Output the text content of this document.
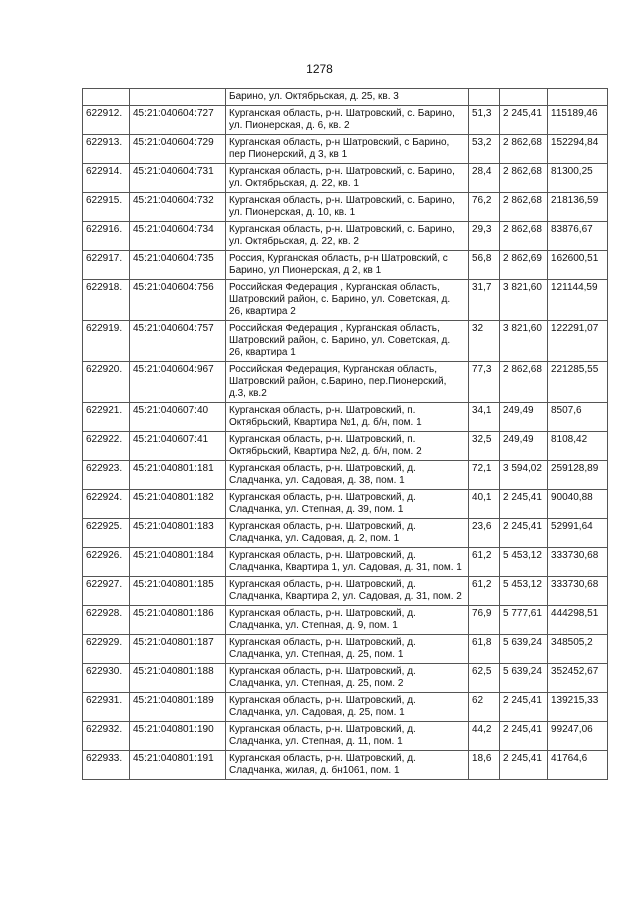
1278
		Барино, ул. Октябрьская, д. 25, кв. 3			
622912.	45:21:040604:727	Курганская область, р-н. Шатровский, с. Барино, ул. Пионерская, д. 6, кв. 2	51,3	2 245,41	115189,46
622913.	45:21:040604:729	Курганская область, р-н Шатровский, с Барино, пер Пионерский, д 3, кв 1	53,2	2 862,68	152294,84
622914.	45:21:040604:731	Курганская область, р-н. Шатровский, с. Барино, ул. Октябрьская, д. 22, кв. 1	28,4	2 862,68	81300,25
622915.	45:21:040604:732	Курганская область, р-н. Шатровский, с. Барино, ул. Пионерская, д. 10, кв. 1	76,2	2 862,68	218136,59
622916.	45:21:040604:734	Курганская область, р-н. Шатровский, с. Барино, ул. Октябрьская, д. 22, кв. 2	29,3	2 862,68	83876,67
622917.	45:21:040604:735	Россия, Курганская область, р-н Шатровский, с Барино, ул Пионерская, д 2, кв 1	56,8	2 862,69	162600,51
622918.	45:21:040604:756	Российская Федерация , Курганская область, Шатровский район, с. Барино, ул. Советская, д. 26, квартира 2	31,7	3 821,60	121144,59
622919.	45:21:040604:757	Российская Федерация , Курганская область, Шатровский район, с. Барино, ул. Советская, д. 26, квартира 1	32	3 821,60	122291,07
622920.	45:21:040604:967	Российская Федерация, Курганская область, Шатровский район, с.Барино, пер.Пионерский, д.3, кв.2	77,3	2 862,68	221285,55
622921.	45:21:040607:40	Курганская область, р-н. Шатровский, п. Октябрьский, Квартира №1, д. б/н, пом. 1	34,1	249,49	8507,6
622922.	45:21:040607:41	Курганская область, р-н. Шатровский, п. Октябрьский, Квартира №2, д. б/н, пом. 2	32,5	249,49	8108,42
622923.	45:21:040801:181	Курганская область, р-н. Шатровский, д. Сладчанка, ул. Садовая, д. 38, пом. 1	72,1	3 594,02	259128,89
622924.	45:21:040801:182	Курганская область, р-н. Шатровский, д. Сладчанка, ул. Степная, д. 39, пом. 1	40,1	2 245,41	90040,88
622925.	45:21:040801:183	Курганская область, р-н. Шатровский, д. Сладчанка, ул. Садовая, д. 2, пом. 1	23,6	2 245,41	52991,64
622926.	45:21:040801:184	Курганская область, р-н. Шатровский, д. Сладчанка, Квартира 1, ул. Садовая, д. 31, пом. 1	61,2	5 453,12	333730,68
622927.	45:21:040801:185	Курганская область, р-н. Шатровский, д. Сладчанка, Квартира 2, ул. Садовая, д. 31, пом. 2	61,2	5 453,12	333730,68
622928.	45:21:040801:186	Курганская область, р-н. Шатровский, д. Сладчанка, ул. Степная, д. 9, пом. 1	76,9	5 777,61	444298,51
622929.	45:21:040801:187	Курганская область, р-н. Шатровский, д. Сладчанка, ул. Степная, д. 25, пом. 1	61,8	5 639,24	348505,2
622930.	45:21:040801:188	Курганская область, р-н. Шатровский, д. Сладчанка, ул. Степная, д. 25, пом. 2	62,5	5 639,24	352452,67
622931.	45:21:040801:189	Курганская область, р-н. Шатровский, д. Сладчанка, ул. Садовая, д. 25, пом. 1	62	2 245,41	139215,33
622932.	45:21:040801:190	Курганская область, р-н. Шатровский, д. Сладчанка, ул. Степная, д. 11, пом. 1	44,2	2 245,41	99247,06
622933.	45:21:040801:191	Курганская область, р-н. Шатровский, д. Сладчанка, жилая, д. бн1061, пом. 1	18,6	2 245,41	41764,6
